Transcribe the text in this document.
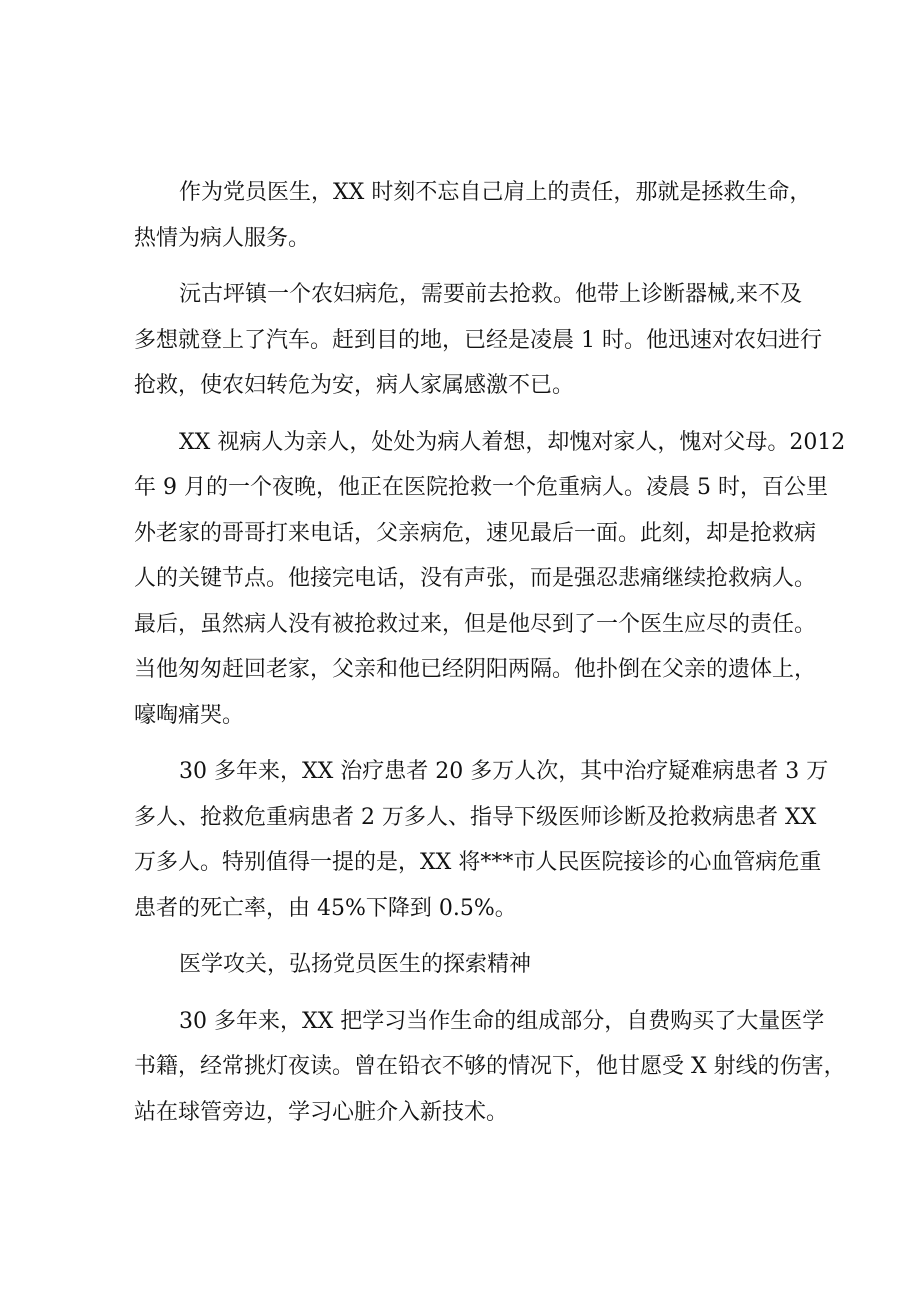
作为党员医生，XX 时刻不忘自己肩上的责任，那就是拯救生命，
热情为病人服务。
沅古坪镇一个农妇病危，需要前去抢救。他带上诊断器械,来不及
多想就登上了汽车。赶到目的地，已经是凌晨 1 时。他迅速对农妇进行
抢救，使农妇转危为安，病人家属感激不已。
XX 视病人为亲人，处处为病人着想，却愧对家人，愧对父母。2012
年 9 月的一个夜晚，他正在医院抢救一个危重病人。凌晨 5 时，百公里
外老家的哥哥打来电话，父亲病危，速见最后一面。此刻，却是抢救病
人的关键节点。他接完电话，没有声张，而是强忍悲痛继续抢救病人。
最后，虽然病人没有被抢救过来，但是他尽到了一个医生应尽的责任。
当他匆匆赶回老家，父亲和他已经阴阳两隔。他扑倒在父亲的遗体上，
嚎啕痛哭。
30 多年来，XX 治疗患者 20 多万人次，其中治疗疑难病患者 3 万
多人、抢救危重病患者 2 万多人、指导下级医师诊断及抢救病患者 XX
万多人。特别值得一提的是，XX 将***市人民医院接诊的心血管病危重
患者的死亡率，由 45%下降到 0.5%。
医学攻关，弘扬党员医生的探索精神
30 多年来，XX 把学习当作生命的组成部分，自费购买了大量医学
书籍，经常挑灯夜读。曾在铅衣不够的情况下，他甘愿受 X 射线的伤害，
站在球管旁边，学习心脏介入新技术。
